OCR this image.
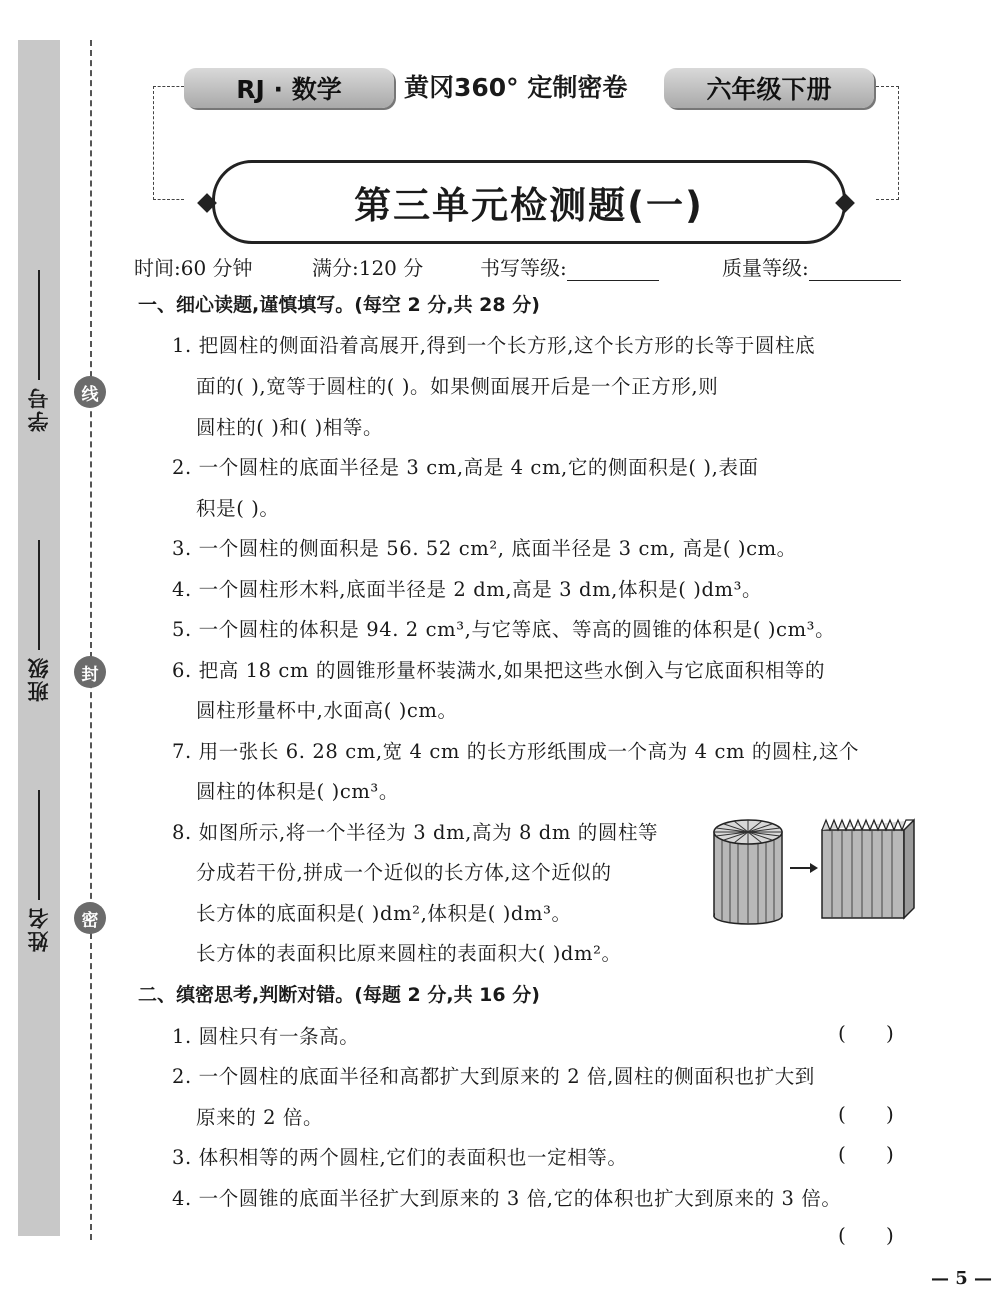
学号
班级
姓名
线
封
密
RJ · 数学	黄冈360° 定制密卷	六年级下册
第三单元检测题(一)
时间:60 分钟	满分:120 分	书写等级:	质量等级:
一、细心读题,谨慎填写。(每空 2 分,共 28 分)
1. 把圆柱的侧面沿着高展开,得到一个长方形,这个长方形的长等于圆柱底
面的( ),宽等于圆柱的( )。如果侧面展开后是一个正方形,则
圆柱的( )和( )相等。
2. 一个圆柱的底面半径是 3 cm,高是 4 cm,它的侧面积是( ),表面
积是( )。
3. 一个圆柱的侧面积是 56. 52 cm², 底面半径是 3 cm, 高是( )cm。
4. 一个圆柱形木料,底面半径是 2 dm,高是 3 dm,体积是( )dm³。
5. 一个圆柱的体积是 94. 2 cm³,与它等底、等高的圆锥的体积是( )cm³。
6. 把高 18 cm 的圆锥形量杯装满水,如果把这些水倒入与它底面积相等的
圆柱形量杯中,水面高( )cm。
7. 用一张长 6. 28 cm,宽 4 cm 的长方形纸围成一个高为 4 cm 的圆柱,这个
圆柱的体积是( )cm³。
8. 如图所示,将一个半径为 3 dm,高为 8 dm 的圆柱等
分成若干份,拼成一个近似的长方体,这个近似的
长方体的底面积是( )dm²,体积是( )dm³。
长方体的表面积比原来圆柱的表面积大( )dm²。
二、缜密思考,判断对错。(每题 2 分,共 16 分)
1. 圆柱只有一条高。	( )
2. 一个圆柱的底面半径和高都扩大到原来的 2 倍,圆柱的侧面积也扩大到
原来的 2 倍。	( )
3. 体积相等的两个圆柱,它们的表面积也一定相等。	( )
4. 一个圆锥的底面半径扩大到原来的 3 倍,它的体积也扩大到原来的 3 倍。
( )
— 5 —
